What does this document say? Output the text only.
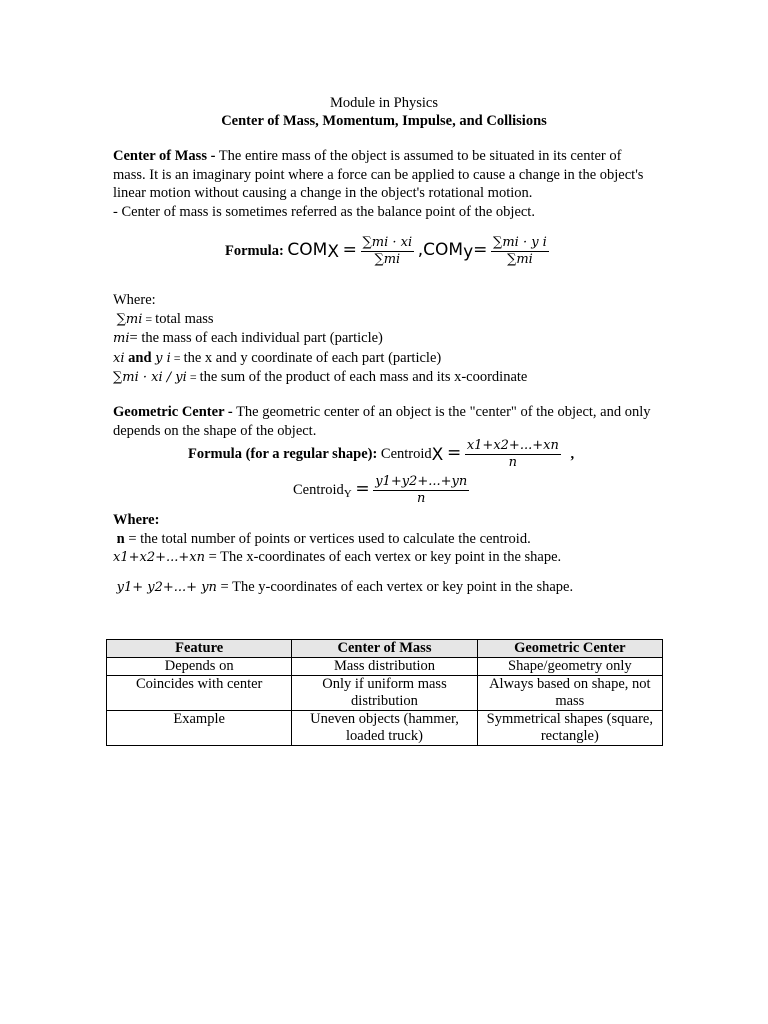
Module in Physics
Center of Mass, Momentum, Impulse, and Collisions
Center of Mass - The entire mass of the object is assumed to be situated in its center of mass. It is an imaginary point where a force can be applied to cause a change in the object's linear motion without causing a change in the object's rotational motion.
- Center of mass is sometimes referred as the balance point of the object.
Formula: COMX = $\frac{\sum mi \cdot xi}{\sum mi}$ ,COMy= $\frac{\text{∑mi · y i}}{\sum mi}$
Where:
∑mi = total mass
mi= the mass of each individual part (particle)
xi and y i = the x and y coordinate of each part (particle)
∑mi · xi / yi = the sum of the product of each mass and its x-coordinate
Geometric Center - The geometric center of an object is the "center" of the object, and only depends on the shape of the object.
Formula (for a regular shape): CentroidX = $\frac{x1+x2+...+xn}{n}$ ,
Centroid$_Y$ = $\frac{y1+y2+...+yn}{n}$
Where:
n = the total number of points or vertices used to calculate the centroid.
x1+x2+...+xn = The x-coordinates of each vertex or key point in the shape.
y1+ y2+...+ yn = The y-coordinates of each vertex or key point in the shape.
Feature	Center of Mass	Geometric Center
Depends on	Mass distribution	Shape/geometry only
Coincides with center	Only if uniform mass distribution	Always based on shape, not mass
Example	Uneven objects (hammer, loaded truck)	Symmetrical shapes (square, rectangle)
